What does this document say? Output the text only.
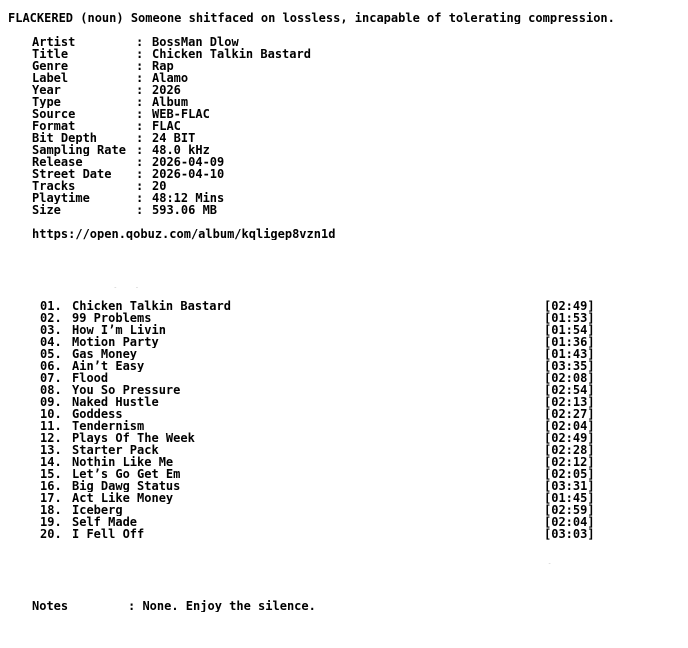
FLACKERED (noun) Someone shitfaced on lossless, incapable of tolerating compression.
Artist	: BossMan Dlow
Title	: Chicken Talkin Bastard
Genre	: Rap
Label	: Alamo
Year	: 2026
Type	: Album
Source	: WEB-FLAC
Format	: FLAC
Bit Depth	: 24 BIT
Sampling Rate : 48.0 kHz
Release	: 2026-04-09
Street Date : 2026-04-10
Tracks	: 20
Playtime	: 48:12 Mins
Size	: 593.06 MB
https://open.qobuz.com/album/kqligep8vzn1d

01. Chicken Talkin Bastard	[02:49]
02. 99 Problems	[01:53]
03. How I’m Livin	[01:54]
04. Motion Party	[01:36]
05. Gas Money	[01:43]
06. Ain’t Easy	[03:35]
07. Flood	[02:08]
08. You So Pressure	[02:54]
09. Naked Hustle	[02:13]
10. Goddess	[02:27]
11. Tendernism	[02:04]
12. Plays Of The Week	[02:49]
13. Starter Pack	[02:28]
14. Nothin Like Me	[02:12]
15. Let’s Go Get Em	[02:05]
16. Big Dawg Status	[03:31]
17. Act Like Money	[01:45]
18. Iceberg	[02:59]
19. Self Made	[02:04]
20. I Fell Off	[03:03]

Notes	: None. Enjoy the silence.
